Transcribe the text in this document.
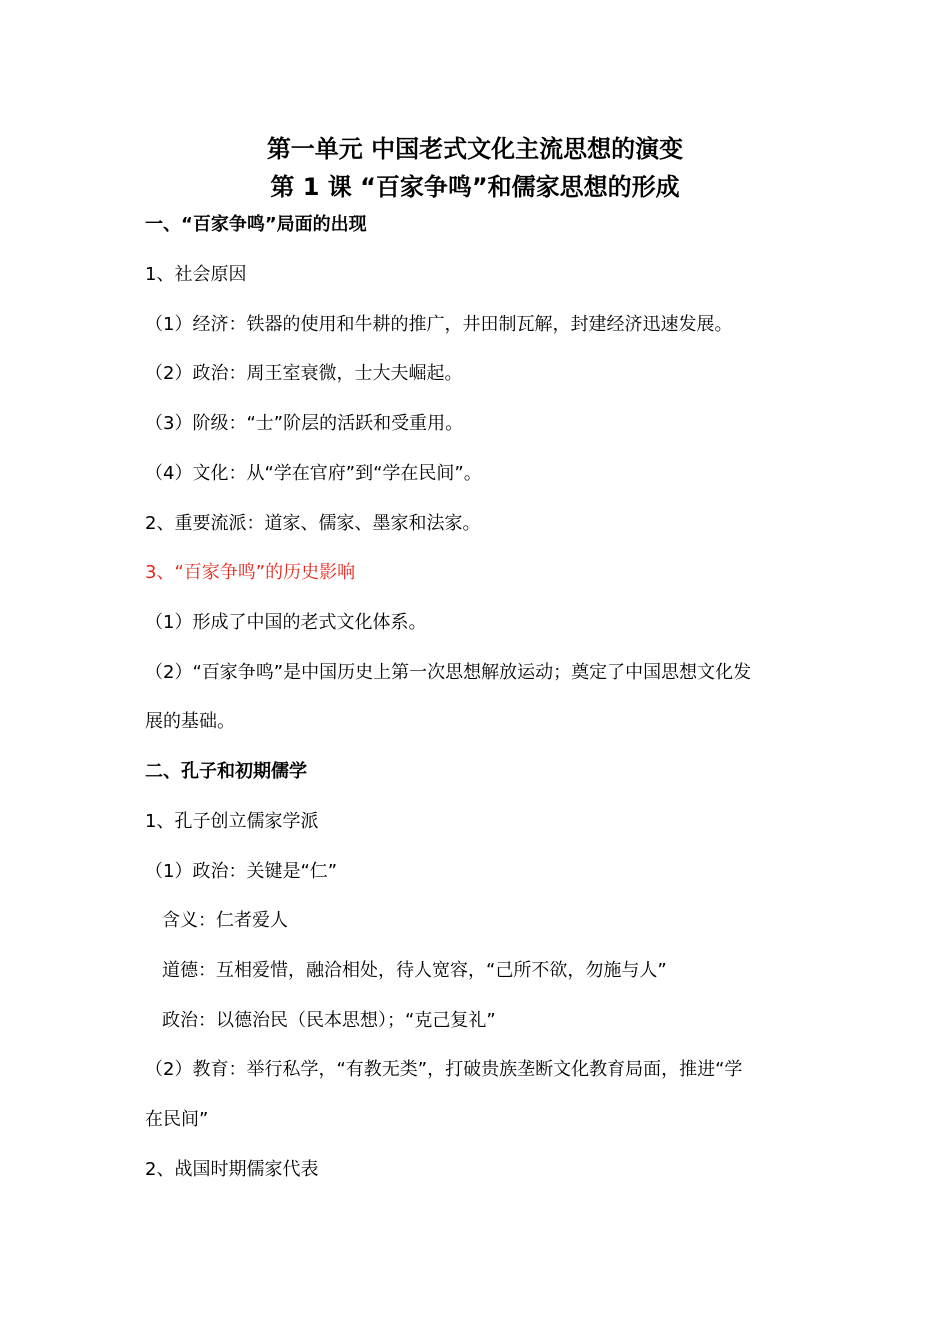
第一单元 中国老式文化主流思想的演变
第 1 课 “百家争鸣”和儒家思想的形成
一、“百家争鸣”局面的出现
1、社会原因
（1）经济：铁器的使用和牛耕的推广，井田制瓦解，封建经济迅速发展。
（2）政治：周王室衰微，士大夫崛起。
（3）阶级：“士”阶层的活跃和受重用。
（4）文化：从“学在官府”到“学在民间”。
2、重要流派：道家、儒家、墨家和法家。
3、“百家争鸣”的历史影响
（1）形成了中国的老式文化体系。
（2）“百家争鸣”是中国历史上第一次思想解放运动；奠定了中国思想文化发
展的基础。
二、孔子和初期儒学
1、孔子创立儒家学派
（1）政治：关键是“仁”
含义：仁者爱人
道德：互相爱惜，融洽相处，待人宽容，“己所不欲，勿施与人”
政治：以德治民（民本思想）；“克己复礼”
（2）教育：举行私学，“有教无类”，打破贵族垄断文化教育局面，推进“学
在民间”
2、战国时期儒家代表
